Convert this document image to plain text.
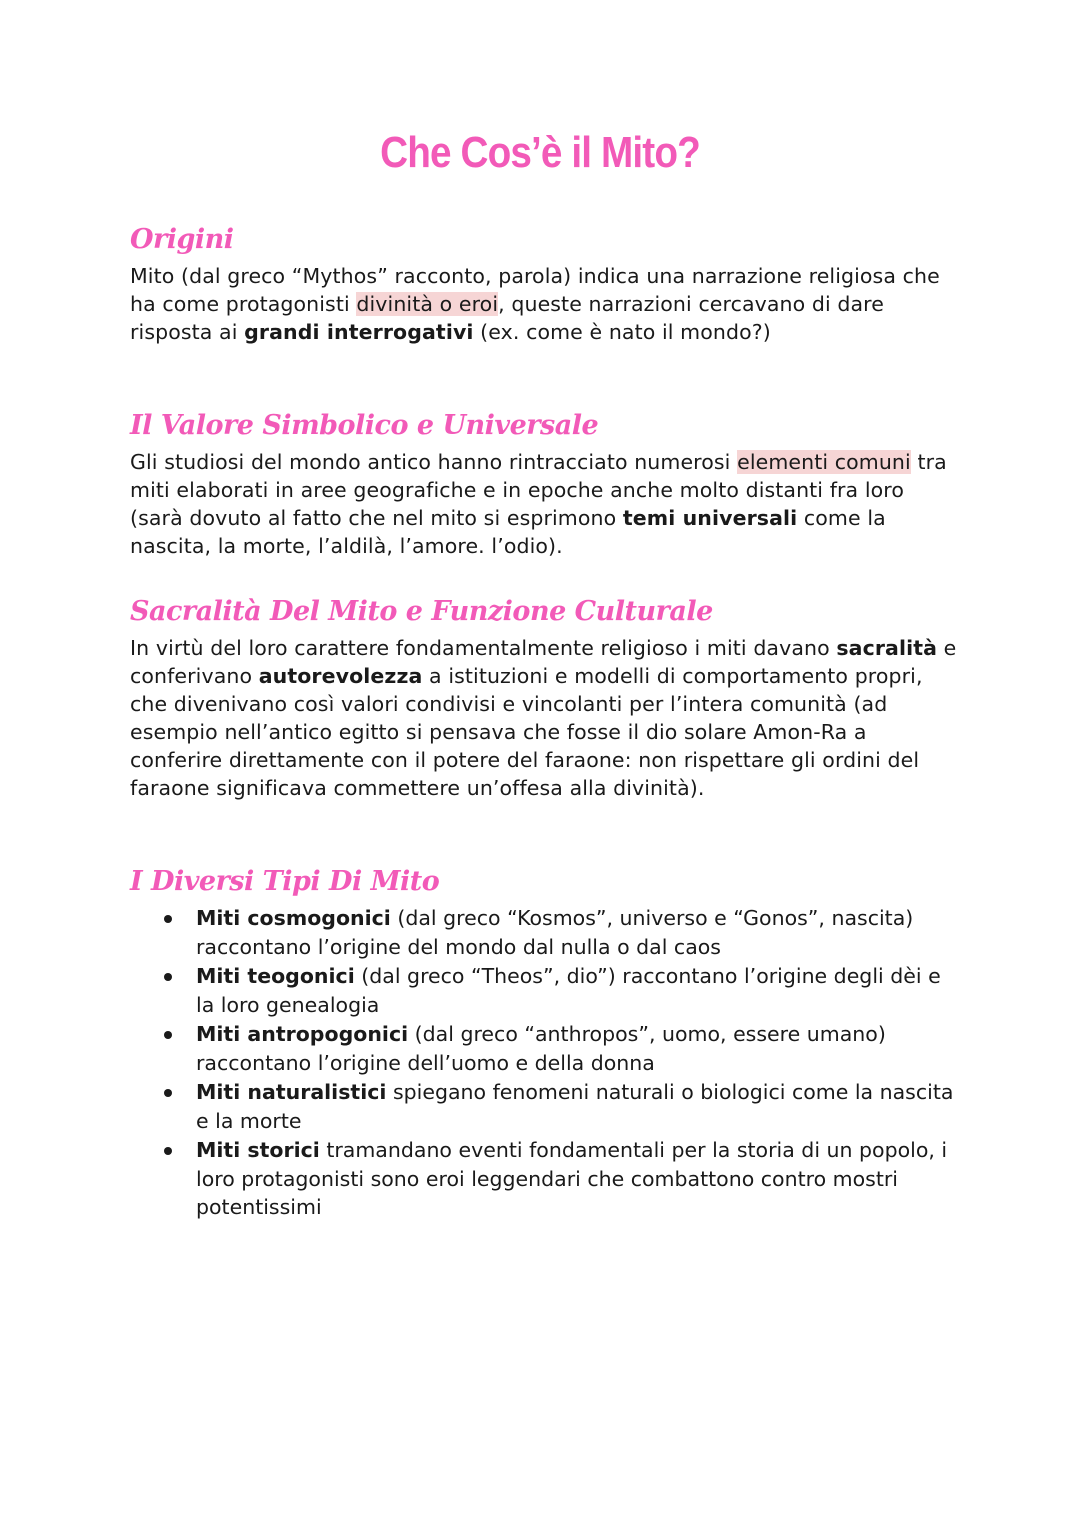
Che Cos’è il Mito?
Origini

Mito (dal greco “Mythos” racconto, parola) indica una narrazione religiosa che ha come protagonisti divinità o eroi, queste narrazioni cercavano di dare risposta ai grandi interrogativi (ex. come è nato il mondo?)

Il Valore Simbolico e Universale

Gli studiosi del mondo antico hanno rintracciato numerosi elementi comuni tra miti elaborati in aree geografiche e in epoche anche molto distanti fra loro (sarà dovuto al fatto che nel mito si esprimono temi universali come la nascita, la morte, l’aldilà, l’amore. l’odio).

Sacralità Del Mito e Funzione Culturale

In virtù del loro carattere fondamentalmente religioso i miti davano sacralità e conferivano autorevolezza a istituzioni e modelli di comportamento propri, che divenivano così valori condivisi e vincolanti per l’intera comunità (ad esempio nell’antico egitto si pensava che fosse il dio solare Amon-Ra a conferire direttamente con il potere del faraone: non rispettare gli ordini del faraone significava commettere un’offesa alla divinità).

I Diversi Tipi Di Mito
Miti cosmogonici (dal greco “Kosmos”, universo e “Gonos”, nascita) raccontano l’origine del mondo dal nulla o dal caos
Miti teogonici (dal greco “Theos”, dio”) raccontano l’origine degli dèi e la loro genealogia
Miti antropogonici (dal greco “anthropos”, uomo, essere umano) raccontano l’origine dell’uomo e della donna
Miti naturalistici spiegano fenomeni naturali o biologici come la nascita e la morte
Miti storici tramandano eventi fondamentali per la storia di un popolo, i loro protagonisti sono eroi leggendari che combattono contro mostri potentissimi
